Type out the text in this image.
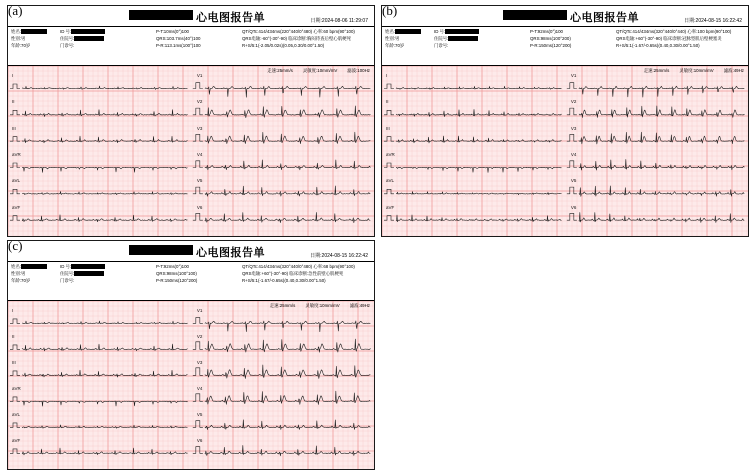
心电图报告单	日期:2024-08-06 11:29:07
姓名:
性别:男
年龄:70岁
ID 号:
住院号:
门诊号:
P-T:10ms(0°)100	QT/QTc:414/434ms(220°440/0°480) 心率:60 bpm(90°100)
QRS:103.7ms(40°)100	QRS电轴:-60°(-30°-90) 临床诊断:胸闷待查后壁心肌梗死
P-R:113.1ms(100°)100	R+S/5:1(-2.05/0.02s)(0.05,0.30/0.00°1.50)
走速:25mm/s 灵敏度:10mm/mV 滤波:100Hz
I	V1
II	V2
III	V3
aVR	V4
aVL	V5
aVF	V6
(a)	心电图报告单	日期:2024-08-15 16:22:42
姓名:
性别:男
年龄:70岁
ID 号:
住院号:
门诊号:
P-T:92ms(0°)100	QT/QTc:414/434ms(320°440/0°440) 心率:100 bpm(90°100)
QRS:98ms(100°200)	QRS电轴:+60°(-30°-90) 临床诊断:冠脉型肌后壁梗塞炎
P-R:150ms(120°200)	R+S/5:1(-1.67/-0.65s)(0.40,0.30/0.00°1.50)
走速:25mm/s 灵敏度:10mm/mV 滤波:49Hz
I	V1
II	V2
III	V3
aVR	V4
aVL	V5
aVF	V6
(b)
心电图报告单	日期:2024-08-15 16:22:42
姓名:
性别:男
年龄:70岁
ID 号:
住院号:
门诊号:
P-T:92ms(0°)100	QT/QTc:414/434ms(320°440/0°480) 心率:68 bpm(90°100)
QRS:98ms(100°100)	QRS电轴:+60°(-30°-90) 临床诊断:急性前壁心肌梗死
P-R:150ms(120°200)	R+S/5:1(-1.67/-0.65s)(0.40,0.30/0.00°1.50)
走速:25mm/s 灵敏度:10mm/mV 滤波:49Hz
I	V1
II	V2
III	V3
aVR	V4
aVL	V5
aVF	V6
(c)
